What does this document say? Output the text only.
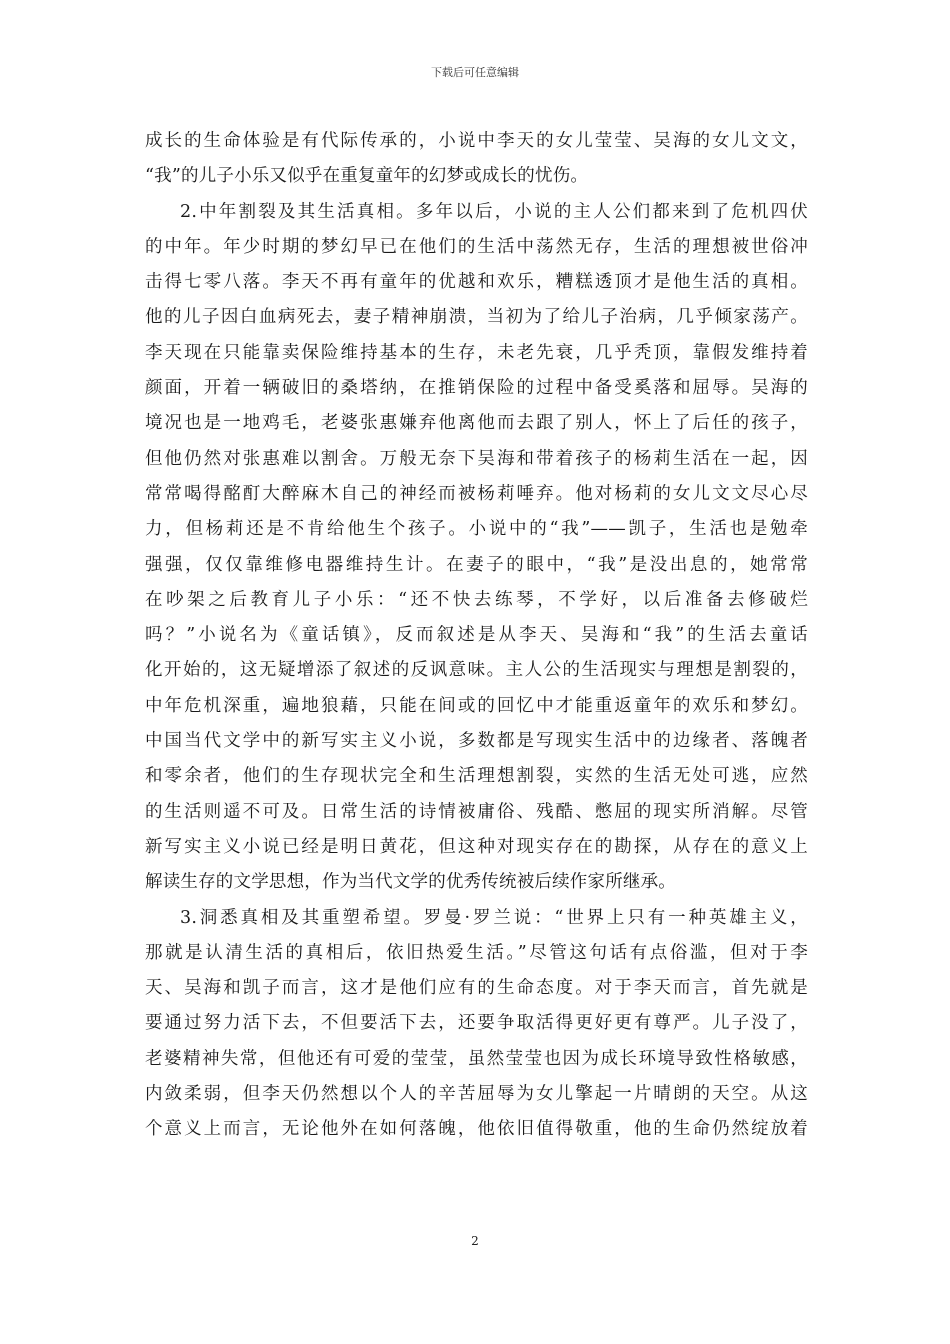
下载后可任意编辑
成长的生命体验是有代际传承的，小说中李天的女儿莹莹、吴海的女儿文文，
“我”的儿子小乐又似乎在重复童年的幻梦或成长的忧伤。
2.中年割裂及其生活真相。多年以后，小说的主人公们都来到了危机四伏
的中年。年少时期的梦幻早已在他们的生活中荡然无存，生活的理想被世俗冲
击得七零八落。李天不再有童年的优越和欢乐，糟糕透顶才是他生活的真相。
他的儿子因白血病死去，妻子精神崩溃，当初为了给儿子治病，几乎倾家荡产。
李天现在只能靠卖保险维持基本的生存，未老先衰，几乎秃顶，靠假发维持着
颜面，开着一辆破旧的桑塔纳，在推销保险的过程中备受奚落和屈辱。吴海的
境况也是一地鸡毛，老婆张惠嫌弃他离他而去跟了别人，怀上了后任的孩子，
但他仍然对张惠难以割舍。万般无奈下吴海和带着孩子的杨莉生活在一起，因
常常喝得酩酊大醉麻木自己的神经而被杨莉唾弃。他对杨莉的女儿文文尽心尽
力，但杨莉还是不肯给他生个孩子。小说中的“我”——凯子，生活也是勉牵
强强，仅仅靠维修电器维持生计。在妻子的眼中，“我”是没出息的，她常常
在吵架之后教育儿子小乐：“还不快去练琴，不学好，以后准备去修破烂
吗？”小说名为《童话镇》，反而叙述是从李天、吴海和“我”的生活去童话
化开始的，这无疑增添了叙述的反讽意味。主人公的生活现实与理想是割裂的，
中年危机深重，遍地狼藉，只能在间或的回忆中才能重返童年的欢乐和梦幻。
中国当代文学中的新写实主义小说，多数都是写现实生活中的边缘者、落魄者
和零余者，他们的生存现状完全和生活理想割裂，实然的生活无处可逃，应然
的生活则遥不可及。日常生活的诗情被庸俗、残酷、憋屈的现实所消解。尽管
新写实主义小说已经是明日黄花，但这种对现实存在的勘探，从存在的意义上
解读生存的文学思想，作为当代文学的优秀传统被后续作家所继承。
3.洞悉真相及其重塑希望。罗曼·罗兰说：“世界上只有一种英雄主义，
那就是认清生活的真相后，依旧热爱生活。”尽管这句话有点俗滥，但对于李
天、吴海和凯子而言，这才是他们应有的生命态度。对于李天而言，首先就是
要通过努力活下去，不但要活下去，还要争取活得更好更有尊严。儿子没了，
老婆精神失常，但他还有可爱的莹莹，虽然莹莹也因为成长环境导致性格敏感，
内敛柔弱，但李天仍然想以个人的辛苦屈辱为女儿擎起一片晴朗的天空。从这
个意义上而言，无论他外在如何落魄，他依旧值得敬重，他的生命仍然绽放着
2
